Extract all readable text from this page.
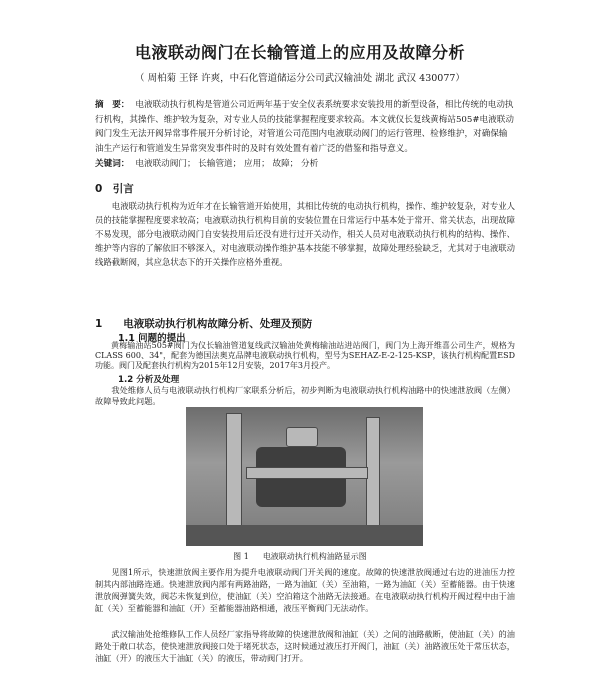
电液联动阀门在长输管道上的应用及故障分析
（ 周柏菊 王铎 许爽，中石化管道储运分公司武汉输油处 湖北 武汉 430077）
摘　要： 电液联动执行机构是管道公司近两年基于安全仪表系统要求安装投用的新型设备，相比传统的电动执行机构，其操作、维护较为复杂，对专业人员的技能掌握程度要求较高。本文就仪长复线黄梅站505#电液联动阀门发生无法开阀异常事件展开分析讨论，对管道公司范围内电液联动阀门的运行管理、检修维护，对确保输油生产运行和管道发生异常突发事件时的及时有效处置有着广泛的借鉴和指导意义。
关键词： 电液联动阀门； 长输管道； 应用； 故障； 分析
0　引言
电液联动执行机构为近年才在长输管道开始使用，其相比传统的电动执行机构，操作、维护较复杂，对专业人员的技能掌握程度要求较高；电液联动执行机构目前的安装位置在日常运行中基本处于常开、常关状态，出现故障不易发现，部分电液联动阀门自安装投用后还没有进行过开关动作，相关人员对电液联动执行机构的结构、操作、维护等内容的了解依旧不够深入，对电液联动操作维护基本技能不够掌握，故障处理经验缺乏，尤其对于电液联动线路截断阀，其应急状态下的开关操作应格外重视。
1　　电液联动执行机构故障分析、处理及预防
1.1 问题的提出
黄梅输油站505#阀门为仪长输油管道复线武汉输油处黄梅输油站进站阀门，阀门为上海开维喜公司生产，规格为CLASS 600、34"，配套为德国法奥克品牌电液联动执行机构，型号为SEHAZ-E-2-125-KSP，该执行机构配置ESD功能。阀门及配套执行机构为2015年12月安装，2017年3月投产。
图 1 电液联动执行机构油路显示图
见图1所示，快速泄放阀主要作用为提升电液联动阀门开关阀的速度。故障的快速泄放阀通过右边的进油压力控制其内部油路连通。快速泄放阀内部有两路油路，一路为油缸（关）至油箱，一路为油缸（关）至蓄能器。由于快速泄放阀弹簧失效，阀芯未恢复到位，使油缸（关）空泊箱这个油路无法接通。在电液联动执行机构开阀过程中由于油缸（关）至蓄能器和油缸（开）至蓄能器油路相通，液压平衡阀门无法动作。
武汉输油处抢维修队工作人员经厂家指导将故障的快速泄放阀和油缸（关）之间的油路截断，使油缸（关）的油路处于敞口状态，使快速泄放阀接口处于堵死状态，这时候通过液压打开阀门，油缸（关）油路液压处于常压状态，油缸（开）的液压大于油缸（关）的液压，带动阀门打开。
1.2 分析及处理
我处维修人员与电液联动执行机构厂家联系分析后，初步判断为电液联动执行机构油路中的快速泄放阀（左侧）故障导致此问题。
